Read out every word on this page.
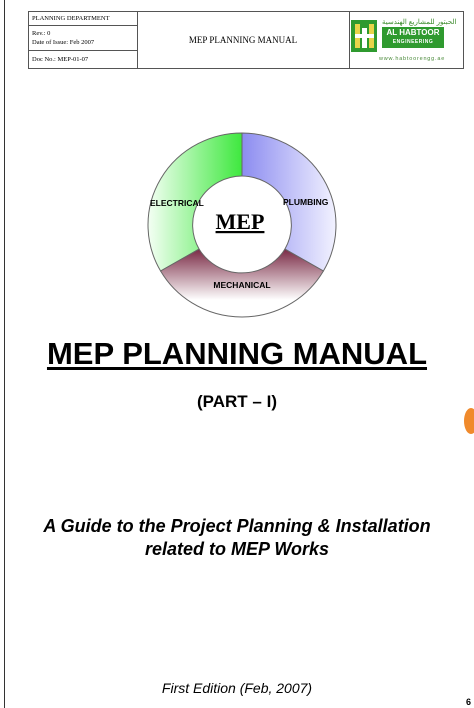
PLANNING DEPARTMENT
Rev.: 0
Date of Issue: Feb 2007
Doc No.: MEP-01-07
MEP PLANNING MANUAL
الحبتور للمشاريع الهندسية
AL HABTOOR
ENGINEERING
www.habtoorengg.ae
ELECTRICAL	PLUMBING
MECHANICAL
MEP
MEP PLANNING MANUAL
(PART – I)
A Guide to the Project Planning & Installation
related to MEP Works
First Edition (Feb, 2007)
6
